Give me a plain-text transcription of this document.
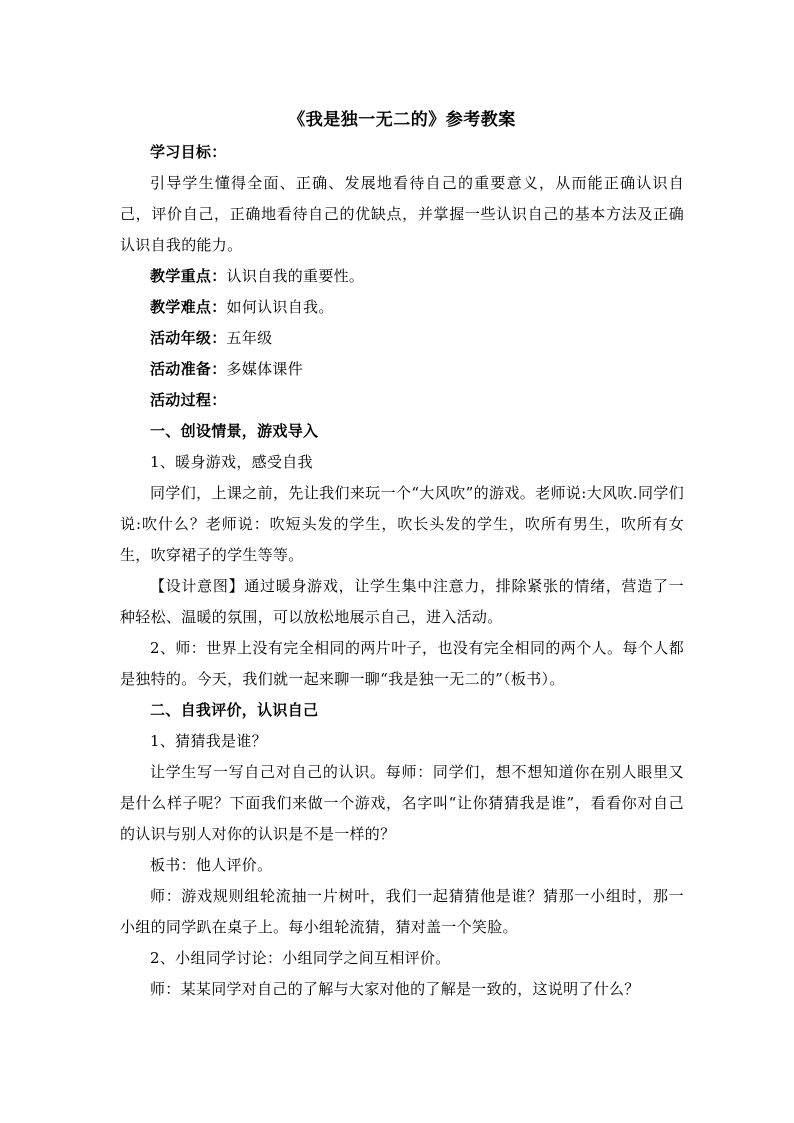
《我是独一无二的》参考教案

学习目标：

引导学生懂得全面、正确、发展地看待自己的重要意义，从而能正确认识自己，评价自己，正确地看待自己的优缺点，并掌握一些认识自己的基本方法及正确认识自我的能力。

教学重点：认识自我的重要性。

教学难点：如何认识自我。

活动年级：五年级

活动准备：多媒体课件

活动过程：

一、创设情景，游戏导入

1、暖身游戏，感受自我

同学们，上课之前，先让我们来玩一个“大风吹”的游戏。老师说:大风吹.同学们说:吹什么？老师说：吹短头发的学生，吹长头发的学生，吹所有男生，吹所有女生，吹穿裙子的学生等等。

【设计意图】通过暖身游戏，让学生集中注意力，排除紧张的情绪，营造了一种轻松、温暖的氛围，可以放松地展示自己，进入活动。

2、师：世界上没有完全相同的两片叶子，也没有完全相同的两个人。每个人都是独特的。今天，我们就一起来聊一聊“我是独一无二的”（板书）。

二、自我评价，认识自己

1、猜猜我是谁？

让学生写一写自己对自己的认识。每师：同学们，想不想知道你在别人眼里又是什么样子呢？下面我们来做一个游戏，名字叫“让你猜猜我是谁”，看看你对自己的认识与别人对你的认识是不是一样的？

板书：他人评价。

师：游戏规则组轮流抽一片树叶，我们一起猜猜他是谁？猜那一小组时，那一小组的同学趴在桌子上。每小组轮流猜，猜对盖一个笑脸。

2、小组同学讨论：小组同学之间互相评价。

师：某某同学对自己的了解与大家对他的了解是一致的，这说明了什么？
